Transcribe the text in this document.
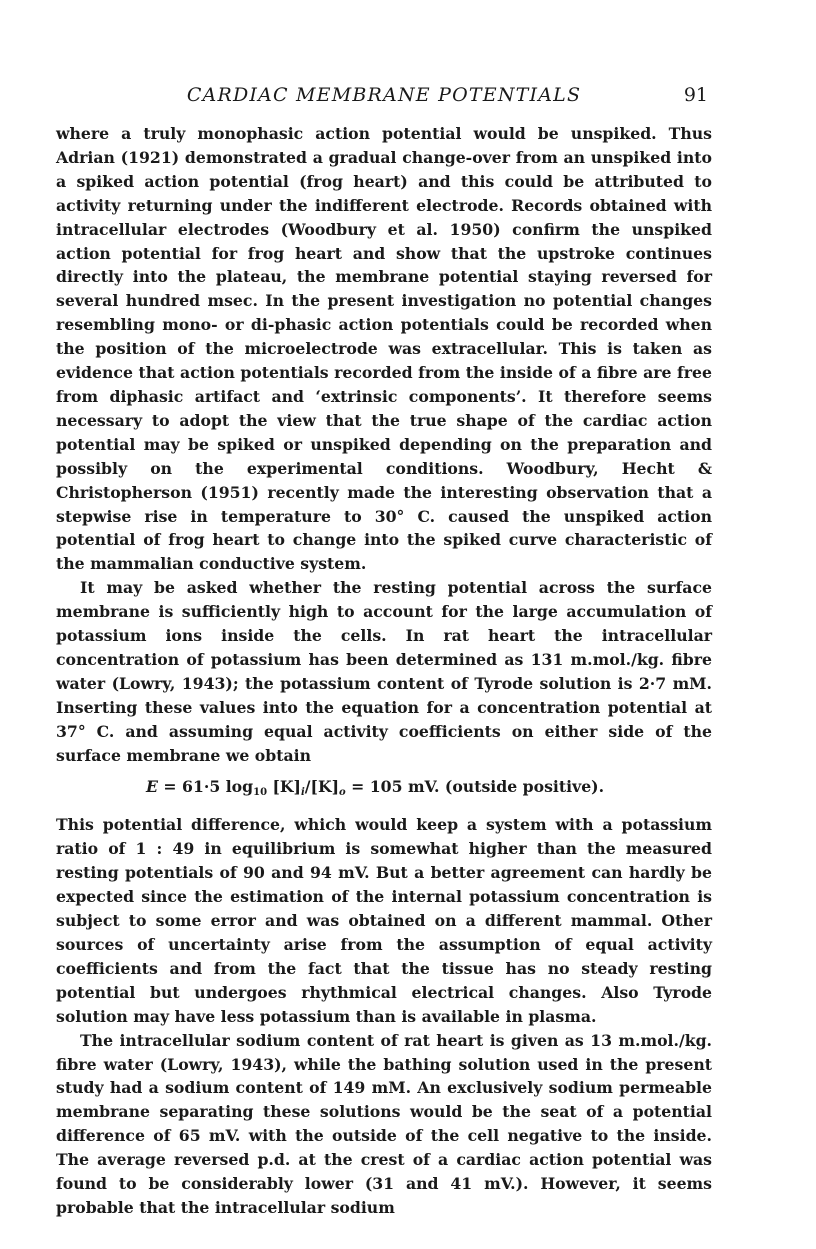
CARDIAC MEMBRANE POTENTIALS	91

where a truly monophasic action potential would be unspiked. Thus Adrian (1921) demonstrated a gradual change-over from an unspiked into a spiked action potential (frog heart) and this could be attributed to activity returning under the indifferent electrode. Records obtained with intracellular electrodes (Woodbury et al. 1950) confirm the unspiked action potential for frog heart and show that the upstroke continues directly into the plateau, the membrane potential staying reversed for several hundred msec. In the present investigation no potential changes resembling mono- or di-phasic action potentials could be recorded when the position of the microelectrode was extracellular. This is taken as evidence that action potentials recorded from the inside of a fibre are free from diphasic artifact and ‘extrinsic components’. It therefore seems necessary to adopt the view that the true shape of the cardiac action potential may be spiked or unspiked depending on the preparation and possibly on the experimental conditions. Woodbury, Hecht & Christopherson (1951) recently made the interesting observation that a stepwise rise in temperature to 30° C. caused the unspiked action potential of frog heart to change into the spiked curve characteristic of the mammalian conductive system.

It may be asked whether the resting potential across the surface membrane is sufficiently high to account for the large accumulation of potassium ions inside the cells. In rat heart the intracellular concentration of potassium has been determined as 131 m.mol./kg. fibre water (Lowry, 1943); the potassium content of Tyrode solution is 2·7 mM. Inserting these values into the equation for a concentration potential at 37° C. and assuming equal activity coefficients on either side of the surface membrane we obtain

E = 61·5 $\log_{10} [K]_i/[K]_o = 105$ mV. (outside positive).

This potential difference, which would keep a system with a potassium ratio of 1 : 49 in equilibrium is somewhat higher than the measured resting potentials of 90 and 94 mV. But a better agreement can hardly be expected since the estimation of the internal potassium concentration is subject to some error and was obtained on a different mammal. Other sources of uncertainty arise from the assumption of equal activity coefficients and from the fact that the tissue has no steady resting potential but undergoes rhythmical electrical changes. Also Tyrode solution may have less potassium than is available in plasma.

The intracellular sodium content of rat heart is given as 13 m.mol./kg. fibre water (Lowry, 1943), while the bathing solution used in the present study had a sodium content of 149 mM. An exclusively sodium permeable membrane separating these solutions would be the seat of a potential difference of 65 mV. with the outside of the cell negative to the inside. The average reversed p.d. at the crest of a cardiac action potential was found to be considerably lower (31 and 41 mV.). However, it seems probable that the intracellular sodium
